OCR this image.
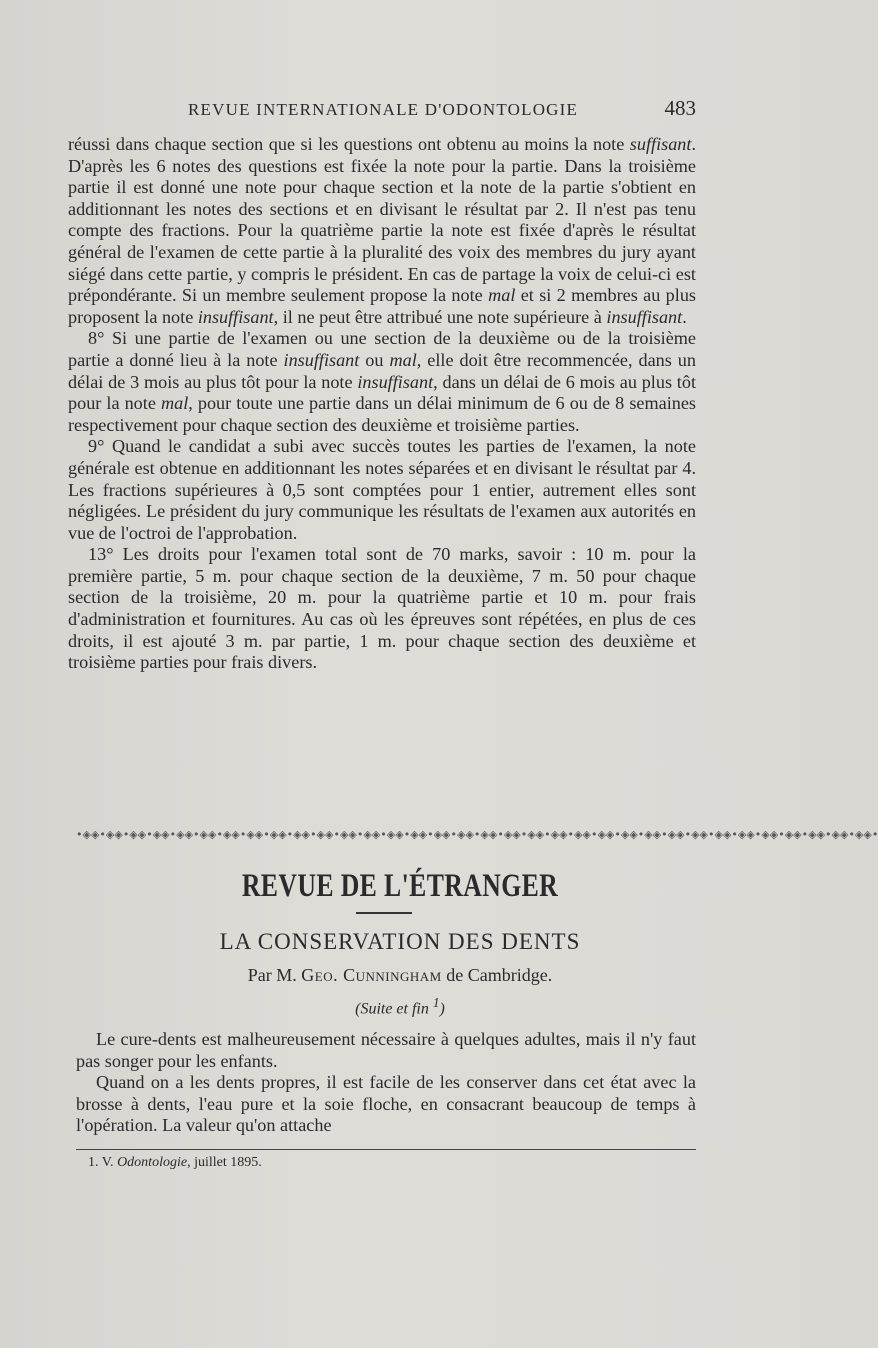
REVUE INTERNATIONALE D'ODONTOLOGIE	483

réussi dans chaque section que si les questions ont obtenu au moins la note suffisant. D'après les 6 notes des questions est fixée la note pour la partie. Dans la troisième partie il est donné une note pour chaque section et la note de la partie s'obtient en additionnant les notes des sections et en divisant le résultat par 2. Il n'est pas tenu compte des fractions. Pour la quatrième partie la note est fixée d'après le résultat général de l'examen de cette partie à la pluralité des voix des membres du jury ayant siégé dans cette partie, y compris le président. En cas de partage la voix de celui-ci est prépondérante. Si un membre seulement propose la note mal et si 2 membres au plus proposent la note insuffisant, il ne peut être attribué une note supérieure à insuffisant.

8° Si une partie de l'examen ou une section de la deuxième ou de la troisième partie a donné lieu à la note insuffisant ou mal, elle doit être recommencée, dans un délai de 3 mois au plus tôt pour la note insuffisant, dans un délai de 6 mois au plus tôt pour la note mal, pour toute une partie dans un délai minimum de 6 ou de 8 semaines respectivement pour chaque section des deuxième et troisième parties.

9° Quand le candidat a subi avec succès toutes les parties de l'examen, la note générale est obtenue en additionnant les notes séparées et en divisant le résultat par 4. Les fractions supérieures à 0,5 sont comptées pour 1 entier, autrement elles sont négligées. Le président du jury communique les résultats de l'examen aux autorités en vue de l'octroi de l'approbation.

13° Les droits pour l'examen total sont de 70 marks, savoir : 10 m. pour la première partie, 5 m. pour chaque section de la deuxième, 7 m. 50 pour chaque section de la troisième, 20 m. pour la quatrième partie et 10 m. pour frais d'administration et fournitures. Au cas où les épreuves sont répétées, en plus de ces droits, il est ajouté 3 m. par partie, 1 m. pour chaque section des deuxième et troisième parties pour frais divers.

•◈◈•◈◈•◈◈•◈◈•◈◈•◈◈•◈◈•◈◈•◈◈•◈◈•◈◈•◈◈•◈◈•◈◈•◈◈•◈◈•◈◈•◈◈•◈◈•◈◈•◈◈•◈◈•◈◈•◈◈•◈◈•◈◈•◈◈•◈◈•◈◈•◈◈•◈◈•◈◈•◈◈•◈◈•
REVUE DE L'ÉTRANGER
LA CONSERVATION DES DENTS
Par M. Geo. Cunningham de Cambridge.
(Suite et fin $^1$)

Le cure-dents est malheureusement nécessaire à quelques adultes, mais il n'y faut pas songer pour les enfants.

Quand on a les dents propres, il est facile de les conserver dans cet état avec la brosse à dents, l'eau pure et la soie floche, en consacrant beaucoup de temps à l'opération. La valeur qu'on attache

1. V. Odontologie, juillet 1895.
